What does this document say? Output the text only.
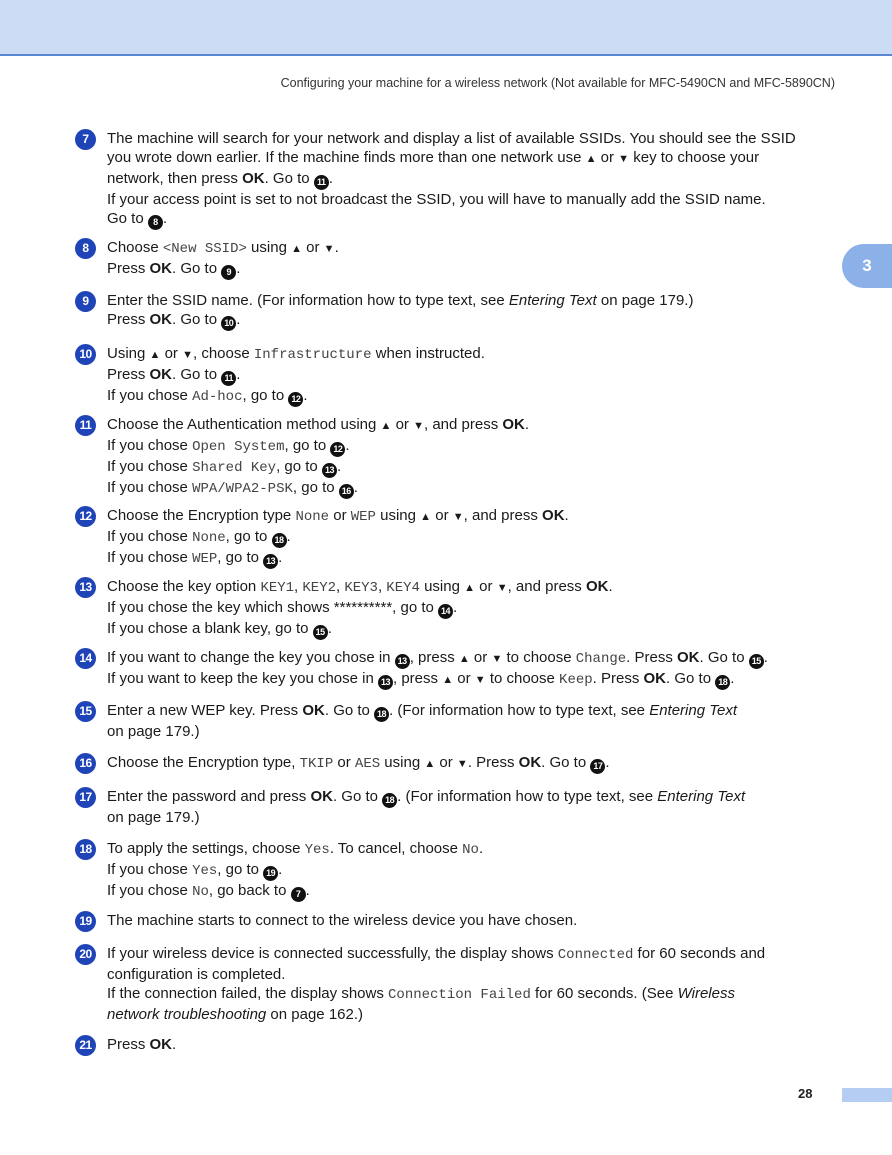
Configuring your machine for a wireless network (Not available for MFC-5490CN and MFC-5890CN)
3
7	The machine will search for your network and display a list of available SSIDs. You should see the SSID
you wrote down earlier. If the machine finds more than one network use ▲ or ▼ key to choose your
network, then press OK. Go to 11 .
If your access point is set to not broadcast the SSID, you will have to manually add the SSID name.
Go to 8 .
8	Choose <New SSID> using ▲ or ▼.
Press OK. Go to 9 .
9	Enter the SSID name. (For information how to type text, see Entering Text on page 179.)
Press OK. Go to 10 .
10 Using ▲ or ▼, choose Infrastructure when instructed.
Press OK. Go to 11 .
If you chose Ad-hoc, go to 12 .
11	Choose the Authentication method using ▲ or ▼, and press OK.
If you chose Open System, go to 12 .
If you chose Shared Key, go to 13 .
If you chose WPA/WPA2-PSK, go to 16 .
12 Choose the Encryption type None or WEP using ▲ or ▼, and press OK.
If you chose None, go to 18 .
If you chose WEP, go to 13 .
13 Choose the key option KEY1, KEY2, KEY3, KEY4 using ▲ or ▼, and press OK.
If you chose the key which shows **********, go to 14 .
If you chose a blank key, go to 15 .
14 If you want to change the key you chose in 13 , press ▲ or ▼ to choose Change. Press OK. Go to 15 .
If you want to keep the key you chose in 13 , press ▲ or ▼ to choose Keep. Press OK. Go to 18 .
15 Enter a new WEP key. Press OK. Go to 18 . (For information how to type text, see Entering Text
on page 179.)
16 Choose the Encryption type, TKIP or AES using ▲ or ▼. Press OK. Go to 17 .
17 Enter the password and press OK. Go to 18 . (For information how to type text, see Entering Text
on page 179.)
18 To apply the settings, choose Yes. To cancel, choose No.
If you chose Yes, go to 19 .
If you chose No, go back to 7 .
19 The machine starts to connect to the wireless device you have chosen.
20 If your wireless device is connected successfully, the display shows Connected for 60 seconds and
configuration is completed.
If the connection failed, the display shows Connection Failed for 60 seconds. (See Wireless
network troubleshooting on page 162.)
21 Press OK.
28
